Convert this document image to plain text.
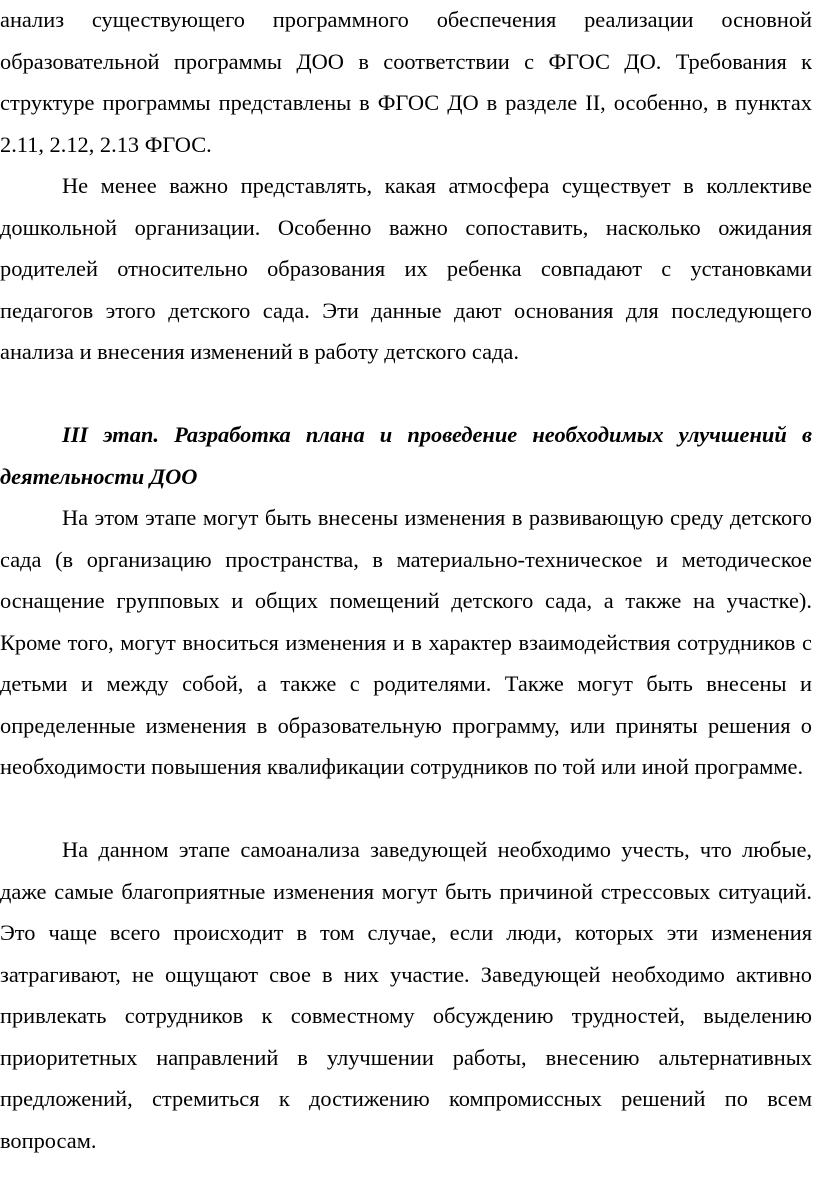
анализ существующего программного обеспечения реализации основной образовательной программы ДОО в соответствии с ФГОС ДО. Требования к структуре программы представлены в ФГОС ДО в разделе II, особенно, в пунктах 2.11, 2.12, 2.13 ФГОС.

Не менее важно представлять, какая атмосфера существует в коллективе дошкольной организации. Особенно важно сопоставить, насколько ожидания родителей относительно образования их ребенка совпадают с установками педагогов этого детского сада. Эти данные дают основания для последующего анализа и внесения изменений в работу детского сада.

III этап. Разработка плана и проведение необходимых улучшений в деятельности ДОО

На этом этапе могут быть внесены изменения в развивающую среду детского сада (в организацию пространства, в материально-техническое и методическое оснащение групповых и общих помещений детского сада, а также на участке). Кроме того, могут вноситься изменения и в характер взаимодействия сотрудников с детьми и между собой, а также с родителями. Также могут быть внесены и определенные изменения в образовательную программу, или приняты решения о необходимости повышения квалификации сотрудников по той или иной программе.

На данном этапе самоанализа заведующей необходимо учесть, что любые, даже самые благоприятные изменения могут быть причиной стрессовых ситуаций. Это чаще всего происходит в том случае, если люди, которых эти изменения затрагивают, не ощущают свое в них участие. Заведующей необходимо активно привлекать сотрудников к совместному обсуждению трудностей, выделению приоритетных направлений в улучшении работы, внесению альтернативных предложений, стремиться к достижению компромиссных решений по всем вопросам.
